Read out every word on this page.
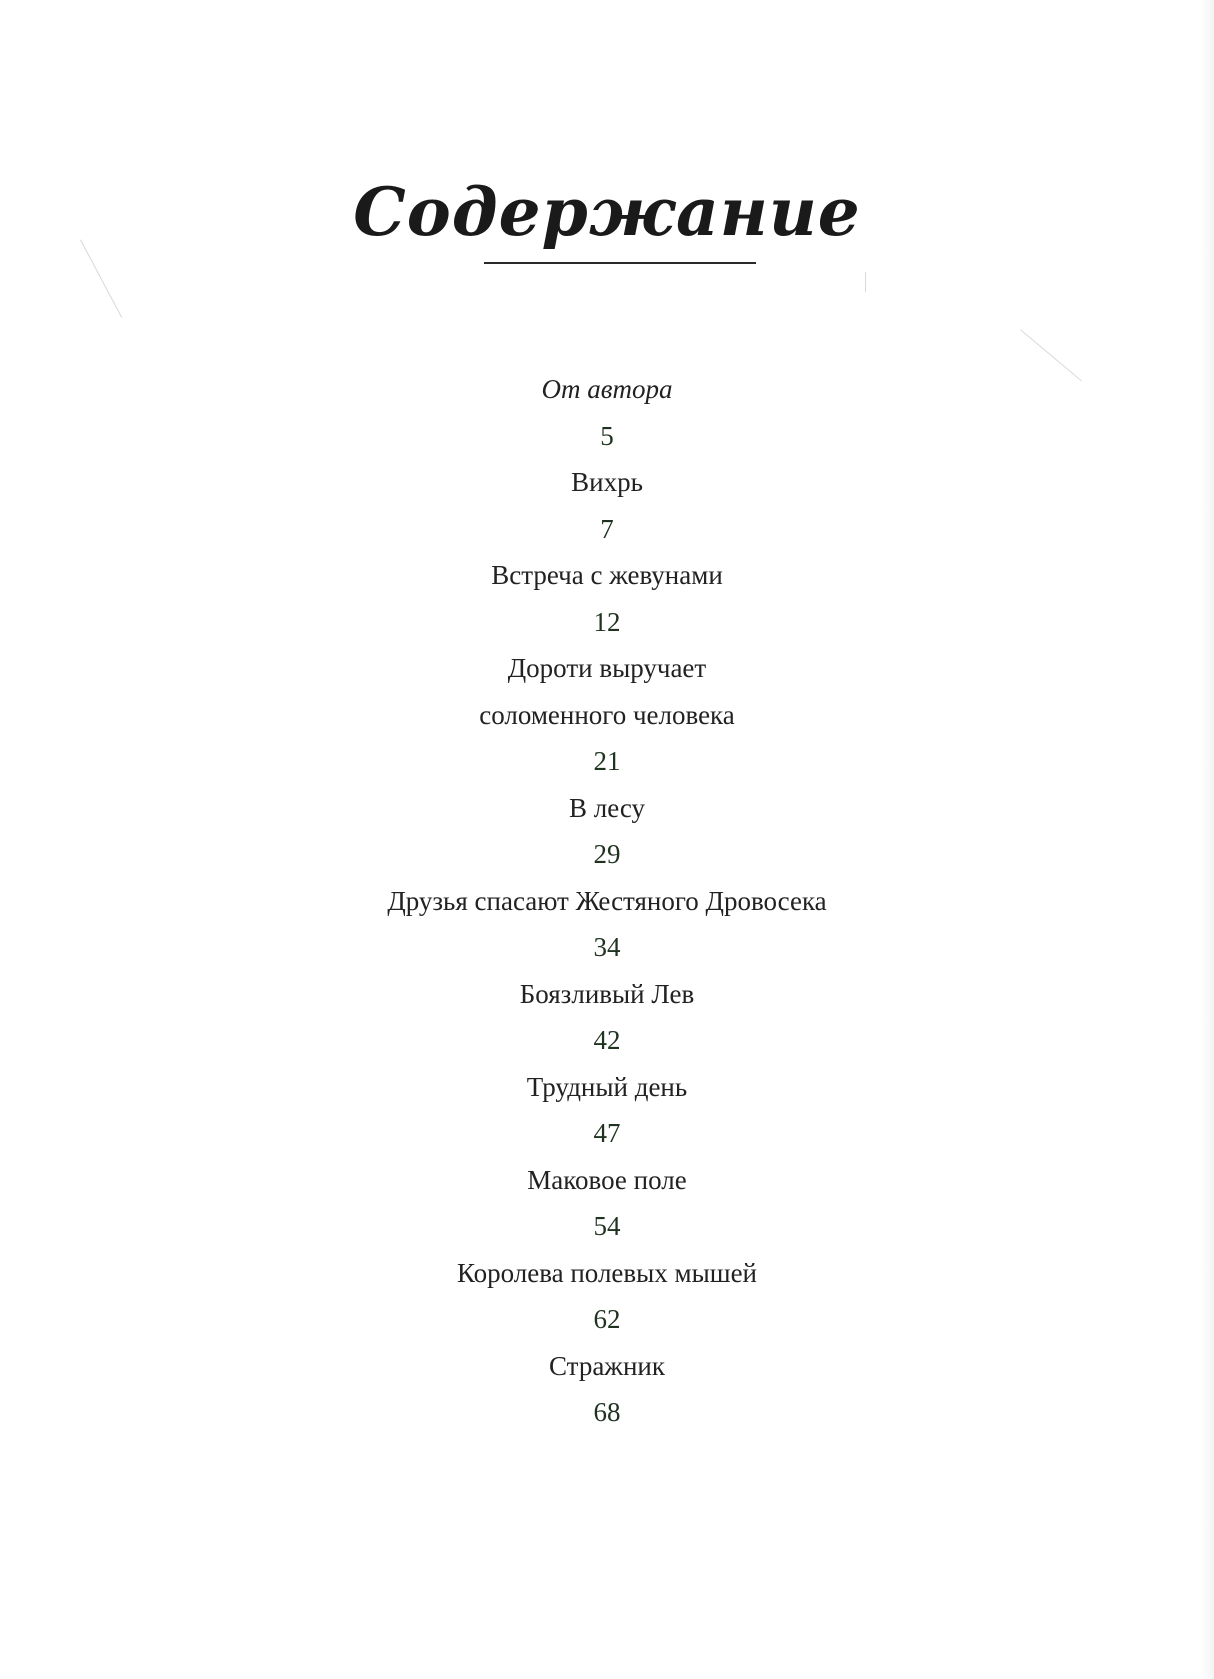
Содержание
От автора
5
Вихрь
7
Встреча с жевунами
12
Дороти выручает
соломенного человека
21
В лесу
29
Друзья спасают Жестяного Дровосека
34
Боязливый Лев
42
Трудный день
47
Маковое поле
54
Королева полевых мышей
62
Стражник
68
